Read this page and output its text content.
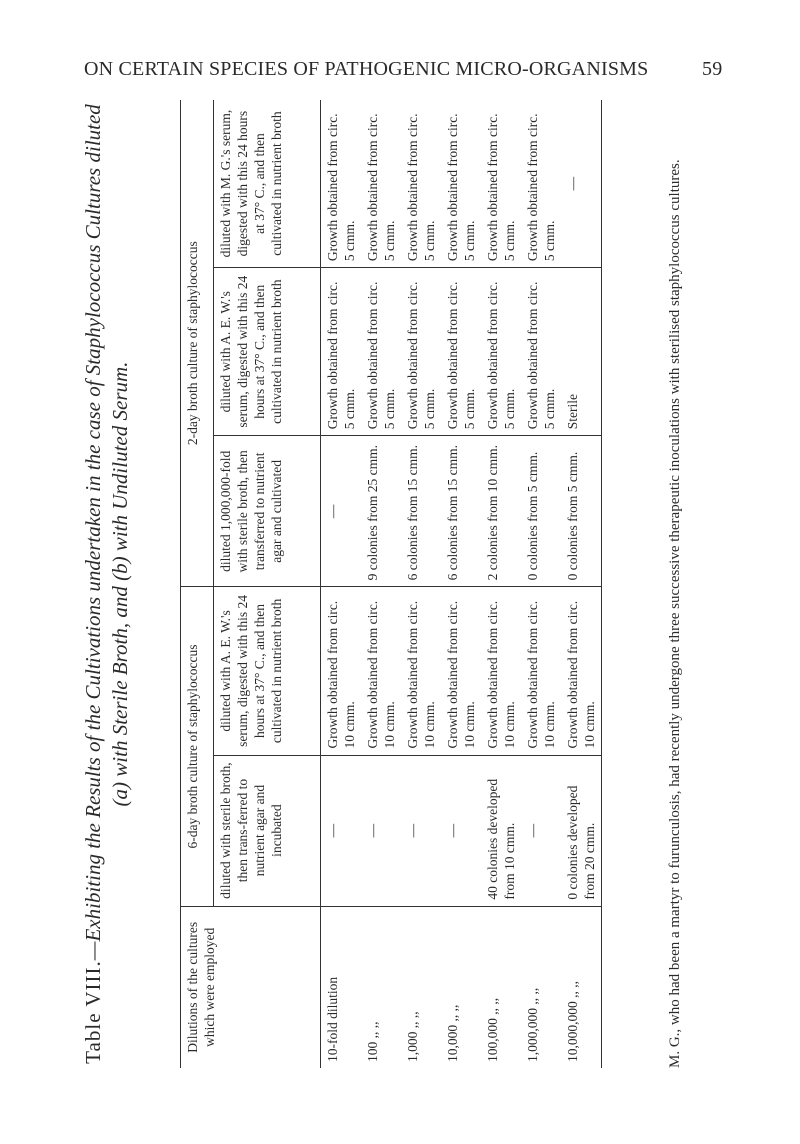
ON CERTAIN SPECIES OF PATHOGENIC MICRO-ORGANISMS	59
Table VIII.—Exhibiting the Results of the Cultivations undertaken in the case of Staphylococcus Cultures diluted (a) with Sterile Broth, and (b) with Undiluted Serum.
Dilutions of the cultures which were employed	6-day broth culture of staphylococcus		2-day broth culture of staphylococcus		
	diluted with sterile broth, then trans-ferred to nutrient agar and incubated	diluted with A. E. W.'s serum, digested with this 24 hours at 37° C., and then cultivated in nutrient broth	diluted 1,000,000-fold with sterile broth, then transferred to nutrient agar and cultivated	diluted with A. E. W.'s serum, digested with this 24 hours at 37° C., and then cultivated in nutrient broth	diluted with M. G.'s serum, digested with this 24 hours at 37° C., and then cultivated in nutrient broth
10-fold dilution	—	Growth obtained from circ. 10 cmm.	—	Growth obtained from circ. 5 cmm.	Growth obtained from circ. 5 cmm.
100 ,, ,,	—	Growth obtained from circ. 10 cmm.	9 colonies from 25 cmm.	Growth obtained from circ. 5 cmm.	Growth obtained from circ. 5 cmm.
1,000 ,, ,,	—	Growth obtained from circ. 10 cmm.	6 colonies from 15 cmm.	Growth obtained from circ. 5 cmm.	Growth obtained from circ. 5 cmm.
10,000 ,, ,,	—	Growth obtained from circ. 10 cmm.	6 colonies from 15 cmm.	Growth obtained from circ. 5 cmm.	Growth obtained from circ. 5 cmm.
100,000 ,, ,,	40 colonies developed from 10 cmm.	Growth obtained from circ. 10 cmm.	2 colonies from 10 cmm.	Growth obtained from circ. 5 cmm.	Growth obtained from circ. 5 cmm.
1,000,000 ,, ,,	—	Growth obtained from circ. 10 cmm.	0 colonies from 5 cmm.	Growth obtained from circ. 5 cmm.	Growth obtained from circ. 5 cmm.
10,000,000 ,, ,,	0 colonies developed from 20 cmm.	Growth obtained from circ. 10 cmm.	0 colonies from 5 cmm.	Sterile	—	M. G., who had been a martyr to furunculosis, had recently undergone three successive therapeutic inoculations with sterilised staphylococcus cultures.
